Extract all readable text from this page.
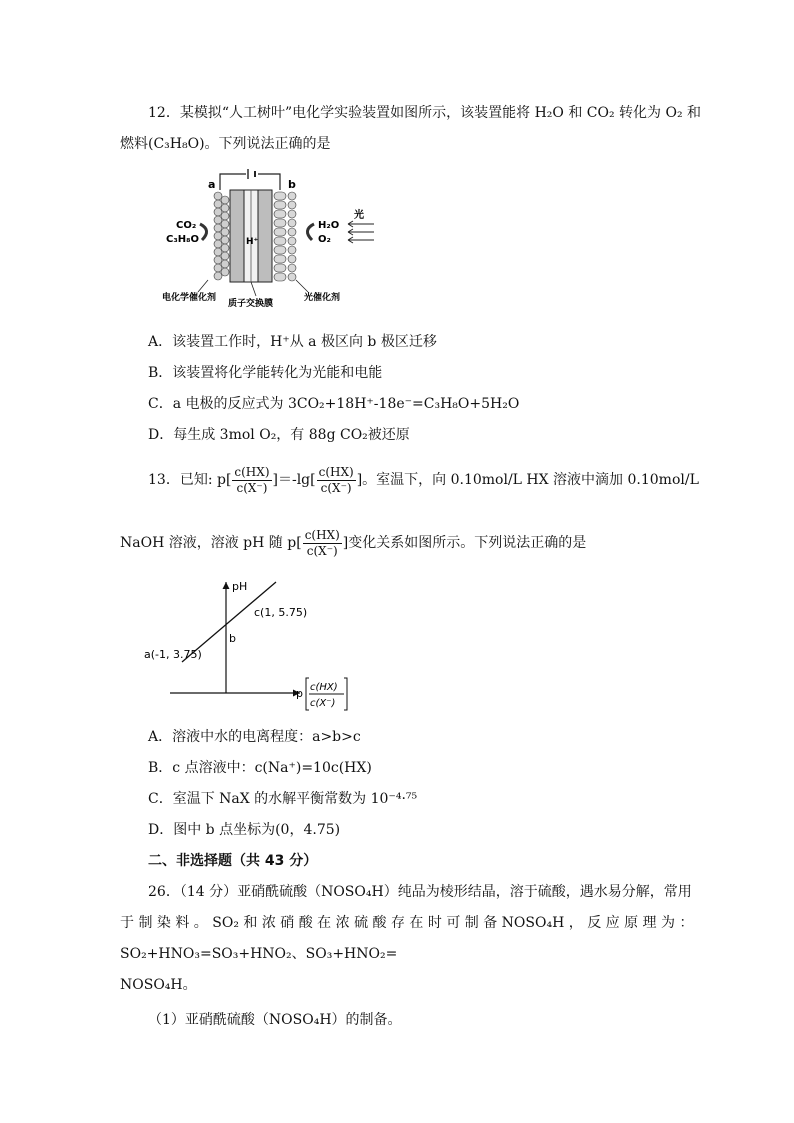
12．某模拟“人工树叶”电化学实验装置如图所示，该装置能将 H₂O 和 CO₂ 转化为 O₂ 和
燃料(C₃H₈O)。下列说法正确的是
a	b
H⁺
CO₂
C₃H₈O
H₂O
O₂
光
电化学催化剂
质子交换膜
光催化剂
A．该装置工作时，H⁺从 a 极区向 b 极区迁移
B．该装置将化学能转化为光能和电能
C．a 电极的反应式为 3CO₂+18H⁺-18e⁻=C₃H₈O+5H₂O
D．每生成 3mol O₂，有 88g CO₂被还原
13．已知: $p[ \frac{c(HX)}{c(X^-)} ]=-\lg[ \frac{c(HX)}{c(X^-)}$ ]。室温下，向 0.10mol/L HX 溶液中滴加 0.10mol/L
NaOH 溶液，溶液 pH 随 $p[ \frac{c(HX)}{c(X^-)}$ ]变化关系如图所示。下列说法正确的是
pH
a(-1, 3.75)
b
c(1, 5.75)
p c(HX)
c(X⁻)
A．溶液中水的电离程度：a>b>c
B．c 点溶液中：c(Na⁺)=10c(HX)
C．室温下 NaX 的水解平衡常数为 10⁻⁴·⁷⁵
D．图中 b 点坐标为(0，4.75)
二、非选择题（共 43 分）
26．（14 分）亚硝酰硫酸（NOSO₄H）纯品为棱形结晶，溶于硫酸，遇水易分解，常用
于 制 染 料 。 SO₂ 和 浓 硝 酸 在 浓 硫 酸 存 在 时 可 制 备 NOSO₄H ， 反 应 原 理 为 ：
SO₂+HNO₃=SO₃+HNO₂、SO₃+HNO₂=
NOSO₄H。
（1）亚硝酰硫酸（NOSO₄H）的制备。
